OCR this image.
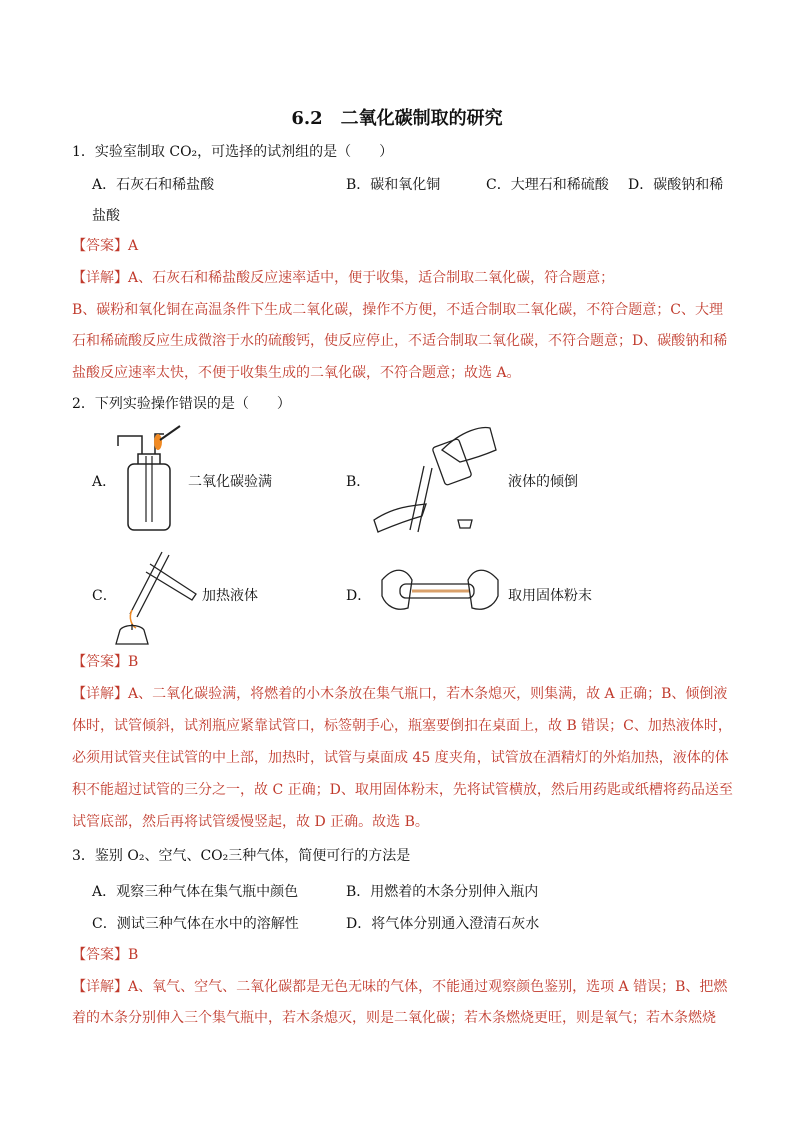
6.2　二氧化碳制取的研究
1．实验室制取 CO₂，可选择的试剂组的是（　　）
A．石灰石和稀盐酸	B．碳和氧化铜	C．大理石和稀硫酸 D．碳酸钠和稀
盐酸
【答案】A
【详解】A、石灰石和稀盐酸反应速率适中，便于收集，适合制取二氧化碳，符合题意；
B、碳粉和氧化铜在高温条件下生成二氧化碳，操作不方便，不适合制取二氧化碳，不符合题意；C、大理
石和稀硫酸反应生成微溶于水的硫酸钙，使反应停止，不适合制取二氧化碳，不符合题意；D、碳酸钠和稀
盐酸反应速率太快，不便于收集生成的二氧化碳，不符合题意；故选 A。
2．下列实验操作错误的是（　　）
A．	二氧化碳验满	B．	液体的倾倒
C．	加热液体	D．	取用固体粉末
【答案】B
【详解】A、二氧化碳验满，将燃着的小木条放在集气瓶口，若木条熄灭，则集满，故 A 正确；B、倾倒液
体时，试管倾斜，试剂瓶应紧靠试管口，标签朝手心，瓶塞要倒扣在桌面上，故 B 错误；C、加热液体时，
必须用试管夹住试管的中上部，加热时，试管与桌面成 45 度夹角，试管放在酒精灯的外焰加热，液体的体
积不能超过试管的三分之一，故 C 正确；D、取用固体粉末，先将试管横放，然后用药匙或纸槽将药品送至
试管底部，然后再将试管缓慢竖起，故 D 正确。故选 B。
3．鉴别 O₂、空气、CO₂三种气体，简便可行的方法是
A．观察三种气体在集气瓶中颜色	B．用燃着的木条分别伸入瓶内
C．测试三种气体在水中的溶解性	D．将气体分别通入澄清石灰水
【答案】B
【详解】A、氧气、空气、二氧化碳都是无色无味的气体，不能通过观察颜色鉴别，选项 A 错误；B、把燃
着的木条分别伸入三个集气瓶中，若木条熄灭，则是二氧化碳；若木条燃烧更旺，则是氧气；若木条燃烧
